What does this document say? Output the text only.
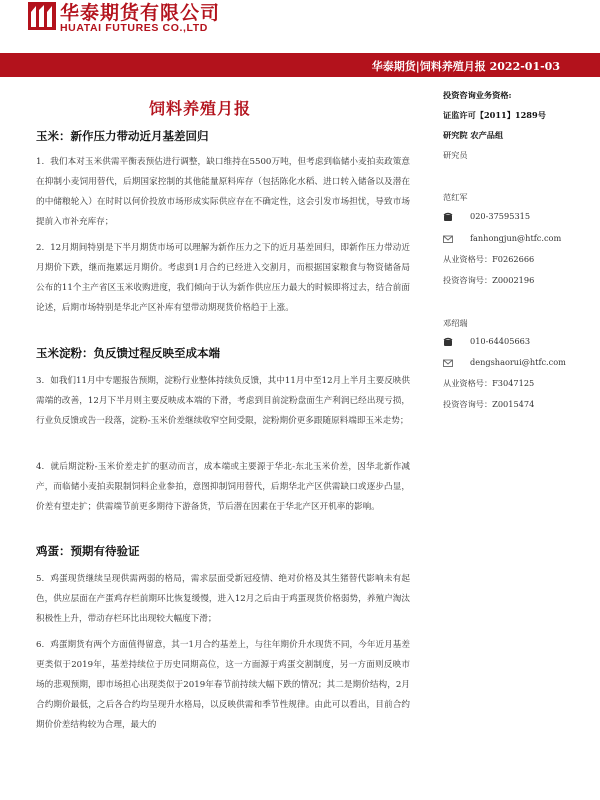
华泰期货有限公司
HUATAI FUTURES CO.,LTD
华泰期货|饲料养殖月报 2022-01-03
饲料养殖月报
玉米：新作压力带动近月基差回归
1. 我们本对玉米供需平衡表预估进行调整，缺口维持在5500万吨，但考虑到临储小麦拍卖政策意在抑制小麦饲用替代，后期国家控制的其他能量原料库存（包括陈化水稻、进口转入储备以及潜在的中储粮轮入）在时时以何价投放市场形成实际供应存在不确定性，这会引发市场担忧，导致市场提前入市补充库存；
2. 12月期间特别是下半月期货市场可以理解为新作压力之下的近月基差回归，即新作压力带动近月期价下跌，继而拖累远月期价。考虑到1月合约已经进入交割月，而根据国家粮食与物资储备局公布的11个主产省区玉米收购进度，我们倾向于认为新作供应压力最大的时候即将过去，结合前面论述，后期市场特别是华北产区补库有望带动期现货价格趋于上涨。
玉米淀粉：负反馈过程反映至成本端
3. 如我们11月中专题报告预期，淀粉行业整体持续负反馈，其中11月中至12月上半月主要反映供需端的改善，12月下半月则主要反映成本端的下滑，考虑到目前淀粉盘面生产利润已经出现亏损，行业负反馈或告一段落，淀粉-玉米价差继续收窄空间受限，淀粉期价更多跟随原料端即玉米走势；
4. 就后期淀粉-玉米价差走扩的驱动而言，成本端或主要源于华北-东北玉米价差，因华北新作减产，而临储小麦拍卖限制饲料企业参拍，意图抑制饲用替代，后期华北产区供需缺口或逐步凸显，价差有望走扩；供需端节前更多期待下游备货，节后潜在因素在于华北产区开机率的影响。
鸡蛋：预期有待验证
5. 鸡蛋现货继续呈现供需两弱的格局，需求层面受新冠疫情、绝对价格及其生猪替代影响未有起色，供应层面在产蛋鸡存栏前期环比恢复缓慢，进入12月之后由于鸡蛋现货价格弱势，养殖户淘汰积极性上升，带动存栏环比出现较大幅度下滑；
6. 鸡蛋期货有两个方面值得留意，其一1月合约基差上，与往年期价升水现货不同，今年近月基差更类似于2019年，基差持续位于历史同期高位，这一方面源于鸡蛋交割制度，另一方面则反映市场的悲观预期，即市场担心出现类似于2019年春节前持续大幅下跌的情况；其二是期价结构，2月合约期价最低，之后各合约均呈现升水格局，以反映供需和季节性规律。由此可以看出，目前合约期价价差结构较为合理，最大的
投资咨询业务资格:
证监许可【2011】1289号
研究院 农产品组
研究员
范红军
020-37595315
fanhongjun@htfc.com
从业资格号：F0262666
投资咨询号：Z0002196
邓绍瑞
010-64405663
dengshaorui@htfc.com
从业资格号：F3047125
投资咨询号：Z0015474
